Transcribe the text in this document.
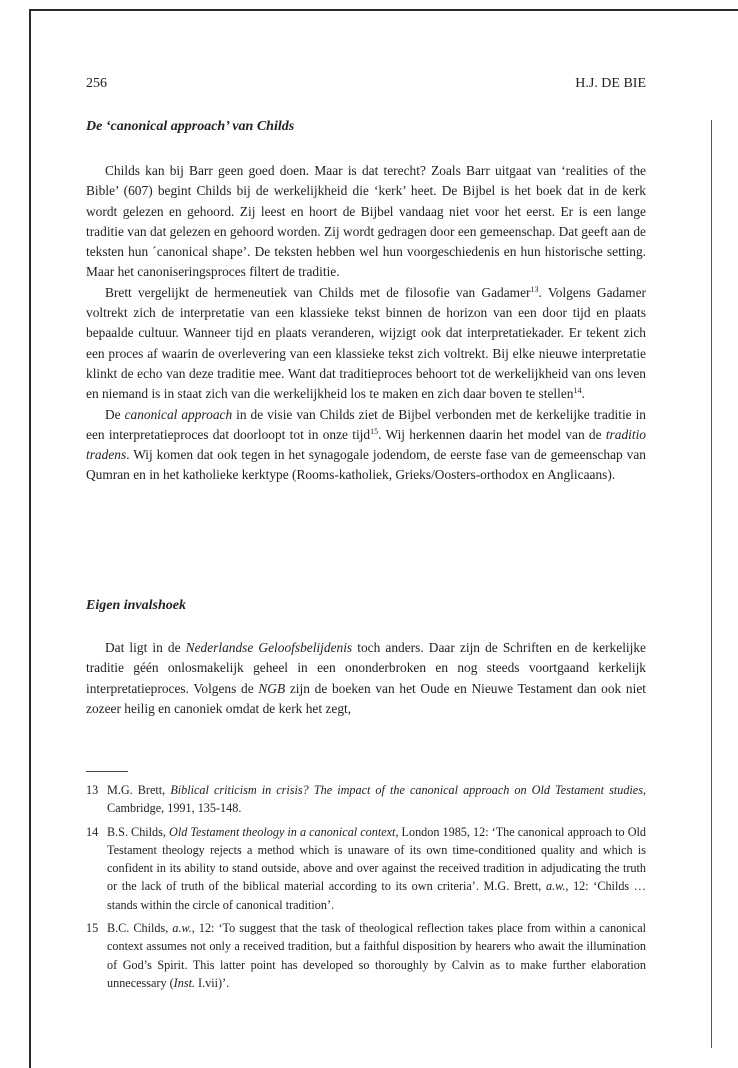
256	H.J. DE BIE
De ‘canonical approach’ van Childs

Childs kan bij Barr geen goed doen. Maar is dat terecht? Zoals Barr uitgaat van ‘realities of the Bible’ (607) begint Childs bij de werkelijkheid die ‘kerk’ heet. De Bijbel is het boek dat in de kerk wordt gelezen en gehoord. Zij leest en hoort de Bijbel vandaag niet voor het eerst. Er is een lange traditie van dat gelezen en gehoord worden. Zij wordt gedragen door een gemeenschap. Dat geeft aan de teksten hun ´canonical shape’. De teksten hebben wel hun voorgeschiedenis en hun historische setting. Maar het canoniseringsproces filtert de traditie.

Brett vergelijkt de hermeneutiek van Childs met de filosofie van Gadamer$^{13}$. Volgens Gadamer voltrekt zich de interpretatie van een klassieke tekst binnen de horizon van een door tijd en plaats bepaalde cultuur. Wanneer tijd en plaats veranderen, wijzigt ook dat interpretatiekader. Er tekent zich een proces af waarin de overlevering van een klassieke tekst zich voltrekt. Bij elke nieuwe interpretatie klinkt de echo van deze traditie mee. Want dat traditieproces behoort tot de werkelijkheid van ons leven en niemand is in staat zich van die werkelijkheid los te maken en zich daar boven te stellen$^{14}$.

De canonical approach in de visie van Childs ziet de Bijbel verbonden met de kerkelijke traditie in een interpretatieproces dat doorloopt tot in onze tijd$^{15}$. Wij herkennen daarin het model van de traditio tradens. Wij komen dat ook tegen in het synagogale jodendom, de eerste fase van de gemeenschap van Qumran en in het katholieke kerktype (Rooms-katholiek, Grieks/Oosters-orthodox en Anglicaans).

Eigen invalshoek

Dat ligt in de Nederlandse Geloofsbelijdenis toch anders. Daar zijn de Schriften en de kerkelijke traditie géén onlosmakelijk geheel in een ononderbroken en nog steeds voortgaand kerkelijk interpretatieproces. Volgens de NGB zijn de boeken van het Oude en Nieuwe Testament dan ook niet zozeer heilig en canoniek omdat de kerk het zegt,

13 M.G. Brett, Biblical criticism in crisis? The impact of the canonical approach on Old Testament studies, Cambridge, 1991, 135-148.
14 B.S. Childs, Old Testament theology in a canonical context, London 1985, 12: ‘The canonical approach to Old Testament theology rejects a method which is unaware of its own time-conditioned quality and which is confident in its ability to stand outside, above and over against the received tradition in adjudicating the truth or the lack of truth of the biblical material according to its own criteria’. M.G. Brett, a.w., 12: ‘Childs …stands within the circle of canonical tradition’.
15 B.C. Childs, a.w., 12: ‘To suggest that the task of theological reflection takes place from within a canonical context assumes not only a received tradition, but a faithful disposition by hearers who await the illumination of God’s Spirit. This latter point has developed so thoroughly by Calvin as to make further elaboration unnecessary (Inst. I.vii)’.
